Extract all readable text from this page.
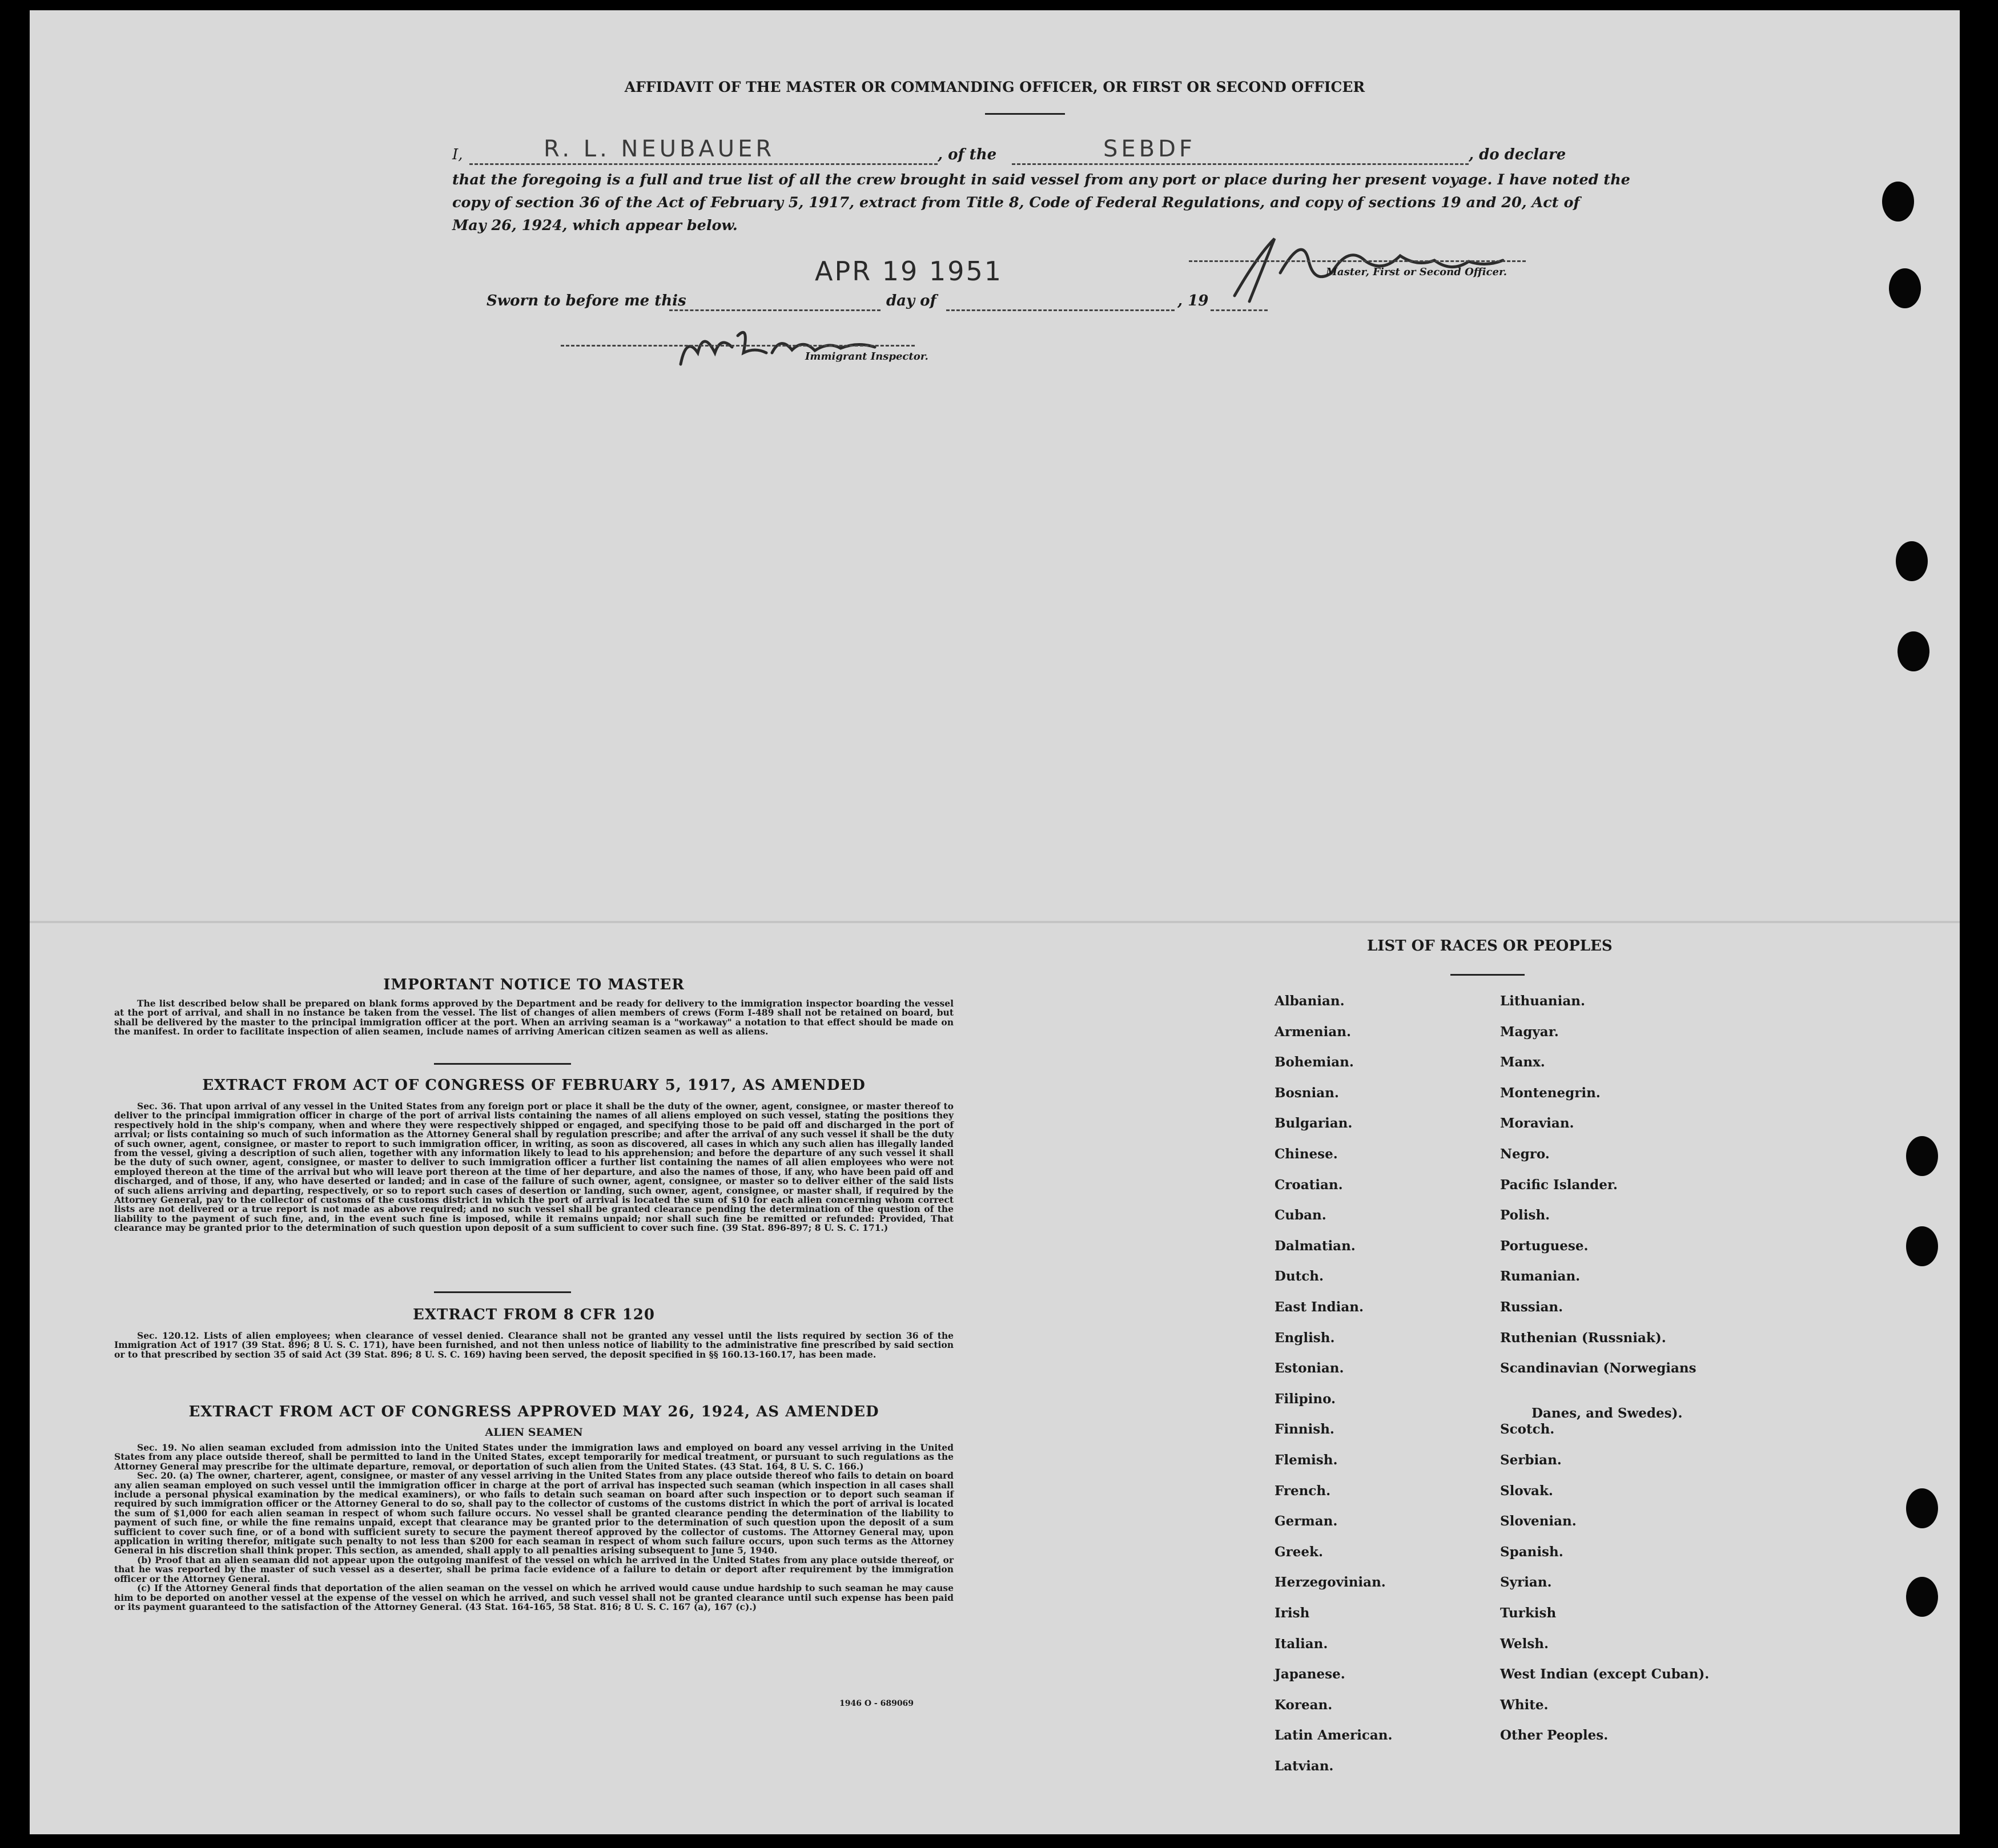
AFFIDAVIT OF THE MASTER OR COMMANDING OFFICER, OR FIRST OR SECOND OFFICER
I,	R. L. NEUBAUER	, of the	SEBDF	, do declare
that the foregoing is a full and true list of all the crew brought in said vessel from any port or place during her present voyage. I have noted the
copy of section 36 of the Act of February 5, 1917, extract from Title 8, Code of Federal Regulations, and copy of sections 19 and 20, Act of
May 26, 1924, which appear below.
APR 19 1951	Master, First or Second Officer.
Sworn to before me this	day of	, 19
Immigrant Inspector.
IMPORTANT NOTICE TO MASTER

The list described below shall be prepared on blank forms approved by the Department and be ready for delivery to the immigration inspector boarding the vessel at the port of arrival, and shall in no instance be taken from the vessel. The list of changes of alien members of crews (Form I-489 shall not be retained on board, but shall be delivered by the master to the principal immigration officer at the port. When an arriving seaman is a "workaway" a notation to that effect should be made on the manifest. In order to facilitate inspection of alien seamen, include names of arriving American citizen seamen as well as aliens.

EXTRACT FROM ACT OF CONGRESS OF FEBRUARY 5, 1917, AS AMENDED

Sec. 36. That upon arrival of any vessel in the United States from any foreign port or place it shall be the duty of the owner, agent, consignee, or master thereof to deliver to the principal immigration officer in charge of the port of arrival lists containing the names of all aliens employed on such vessel, stating the positions they respectively hold in the ship's company, when and where they were respectively shipped or engaged, and specifying those to be paid off and discharged in the port of arrival; or lists containing so much of such information as the Attorney General shall by regulation prescribe; and after the arrival of any such vessel it shall be the duty of such owner, agent, consignee, or master to report to such immigration officer, in writing, as soon as discovered, all cases in which any such alien has illegally landed from the vessel, giving a description of such alien, together with any information likely to lead to his apprehension; and before the departure of any such vessel it shall be the duty of such owner, agent, consignee, or master to deliver to such immigration officer a further list containing the names of all alien employees who were not employed thereon at the time of the arrival but who will leave port thereon at the time of her departure, and also the names of those, if any, who have been paid off and discharged, and of those, if any, who have deserted or landed; and in case of the failure of such owner, agent, consignee, or master so to deliver either of the said lists of such aliens arriving and departing, respectively, or so to report such cases of desertion or landing, such owner, agent, consignee, or master shall, if required by the Attorney General, pay to the collector of customs of the customs district in which the port of arrival is located the sum of $10 for each alien concerning whom correct lists are not delivered or a true report is not made as above required; and no such vessel shall be granted clearance pending the determination of the question of the liability to the payment of such fine, and, in the event such fine is imposed, while it remains unpaid; nor shall such fine be remitted or refunded: Provided, That clearance may be granted prior to the determination of such question upon deposit of a sum sufficient to cover such fine. (39 Stat. 896-897; 8 U. S. C. 171.)

EXTRACT FROM 8 CFR 120

Sec. 120.12. Lists of alien employees; when clearance of vessel denied. Clearance shall not be granted any vessel until the lists required by section 36 of the Immigration Act of 1917 (39 Stat. 896; 8 U. S. C. 171), have been furnished, and not then unless notice of liability to the administrative fine prescribed by said section or to that prescribed by section 35 of said Act (39 Stat. 896; 8 U. S. C. 169) having been served, the deposit specified in §§ 160.13-160.17, has been made.

EXTRACT FROM ACT OF CONGRESS APPROVED MAY 26, 1924, AS AMENDED
ALIEN SEAMEN

Sec. 19. No alien seaman excluded from admission into the United States under the immigration laws and employed on board any vessel arriving in the United States from any place outside thereof, shall be permitted to land in the United States, except temporarily for medical treatment, or pursuant to such regulations as the Attorney General may prescribe for the ultimate departure, removal, or deportation of such alien from the United States. (43 Stat. 164, 8 U. S. C. 166.)

Sec. 20. (a) The owner, charterer, agent, consignee, or master of any vessel arriving in the United States from any place outside thereof who fails to detain on board any alien seaman employed on such vessel until the immigration officer in charge at the port of arrival has inspected such seaman (which inspection in all cases shall include a personal physical examination by the medical examiners), or who fails to detain such seaman on board after such inspection or to deport such seaman if required by such immigration officer or the Attorney General to do so, shall pay to the collector of customs of the customs district in which the port of arrival is located the sum of $1,000 for each alien seaman in respect of whom such failure occurs. No vessel shall be granted clearance pending the determination of the liability to payment of such fine, or while the fine remains unpaid, except that clearance may be granted prior to the determination of such question upon the deposit of a sum sufficient to cover such fine, or of a bond with sufficient surety to secure the payment thereof approved by the collector of customs. The Attorney General may, upon application in writing therefor, mitigate such penalty to not less than $200 for each seaman in respect of whom such failure occurs, upon such terms as the Attorney General in his discretion shall think proper. This section, as amended, shall apply to all penalties arising subsequent to June 5, 1940.

(b) Proof that an alien seaman did not appear upon the outgoing manifest of the vessel on which he arrived in the United States from any place outside thereof, or that he was reported by the master of such vessel as a deserter, shall be prima facie evidence of a failure to detain or deport after requirement by the immigration officer or the Attorney General.

(c) If the Attorney General finds that deportation of the alien seaman on the vessel on which he arrived would cause undue hardship to such seaman he may cause him to be deported on another vessel at the expense of the vessel on which he arrived, and such vessel shall not be granted clearance until such expense has been paid or its payment guaranteed to the satisfaction of the Attorney General. (43 Stat. 164-165, 58 Stat. 816; 8 U. S. C. 167 (a), 167 (c).)

1946 O - 689069
LIST OF RACES OR PEOPLES
Albanian.
Armenian.
Bohemian.
Bosnian.
Bulgarian.
Chinese.
Croatian.
Cuban.
Dalmatian.
Dutch.
East Indian.
English.
Estonian.
Filipino.
Finnish.
Flemish.
French.
German.
Greek.
Herzegovinian.
Irish
Italian.
Japanese.
Korean.
Latin American.
Latvian.
Lithuanian.
Magyar.
Manx.
Montenegrin.
Moravian.
Negro.
Pacific Islander.
Polish.
Portuguese.
Rumanian.
Russian.
Ruthenian (Russniak).
Scandinavian (Norwegians
Danes, and Swedes).
Scotch.
Serbian.
Slovak.
Slovenian.
Spanish.
Syrian.
Turkish
Welsh.
West Indian (except Cuban).
White.
Other Peoples.
